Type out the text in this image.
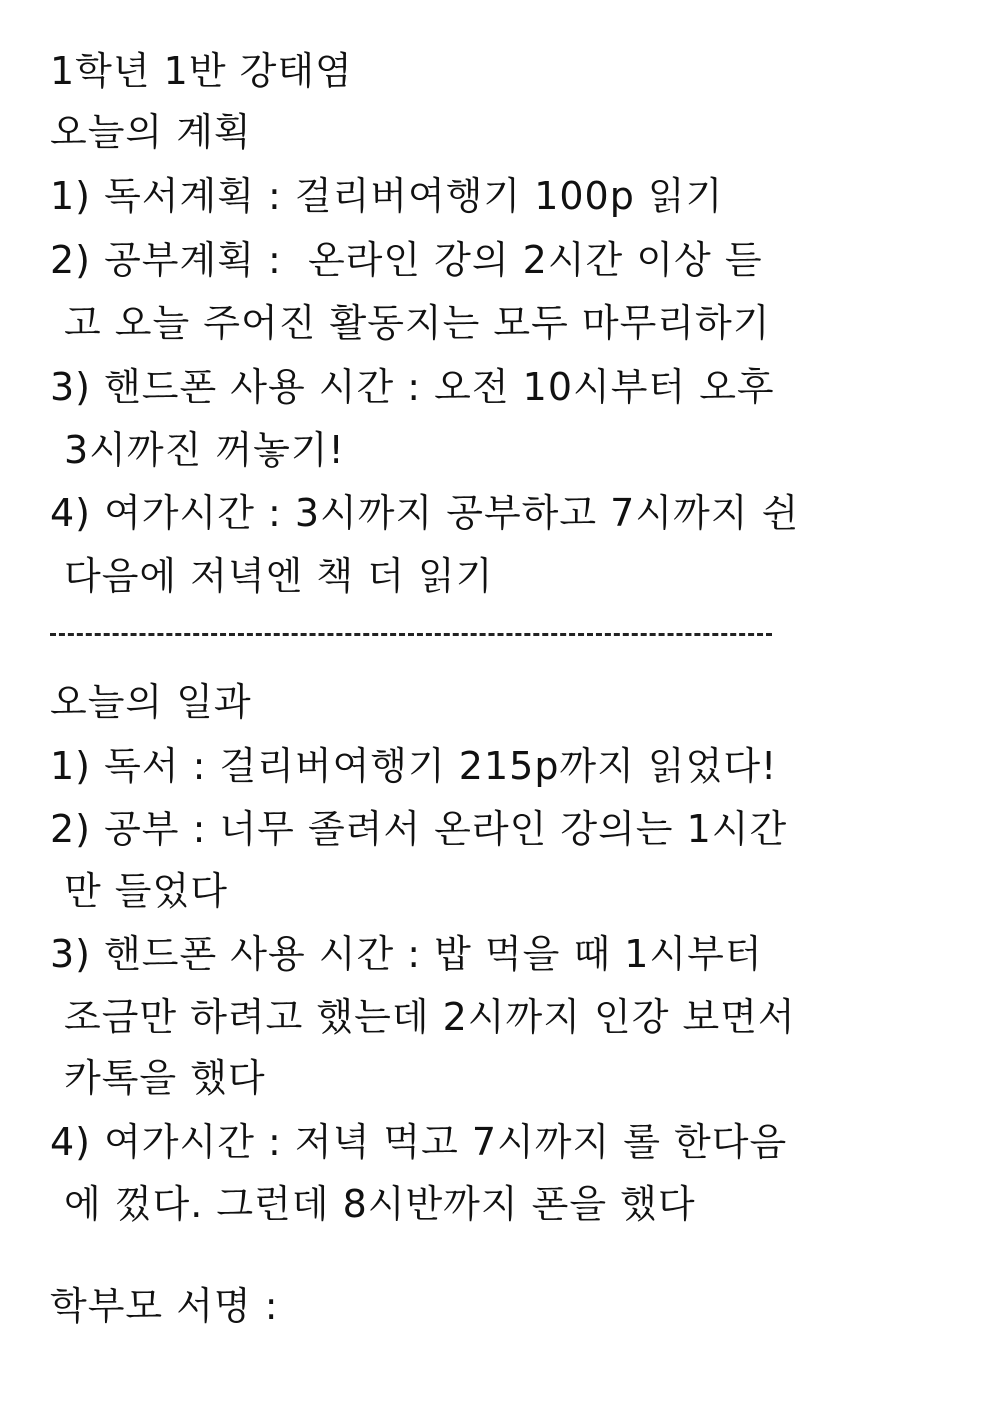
1학년 1반 강태염
오늘의 계획
1) 독서계획 : 걸리버여행기 100p 읽기
2) 공부계획 :  온라인 강의 2시간 이상 듣
고 오늘 주어진 활동지는 모두 마무리하기
3) 핸드폰 사용 시간 : 오전 10시부터 오후
3시까진 꺼놓기!
4) 여가시간 : 3시까지 공부하고 7시까지 쉰
다음에 저녁엔 책 더 읽기
오늘의 일과
1) 독서 : 걸리버여행기 215p까지 읽었다!
2) 공부 : 너무 졸려서 온라인 강의는 1시간
만 들었다
3) 핸드폰 사용 시간 : 밥 먹을 때 1시부터
조금만 하려고 했는데 2시까지 인강 보면서
카톡을 했다
4) 여가시간 : 저녁 먹고 7시까지 롤 한다음
에 껐다. 그런데 8시반까지 폰을 했다
학부모 서명 :
